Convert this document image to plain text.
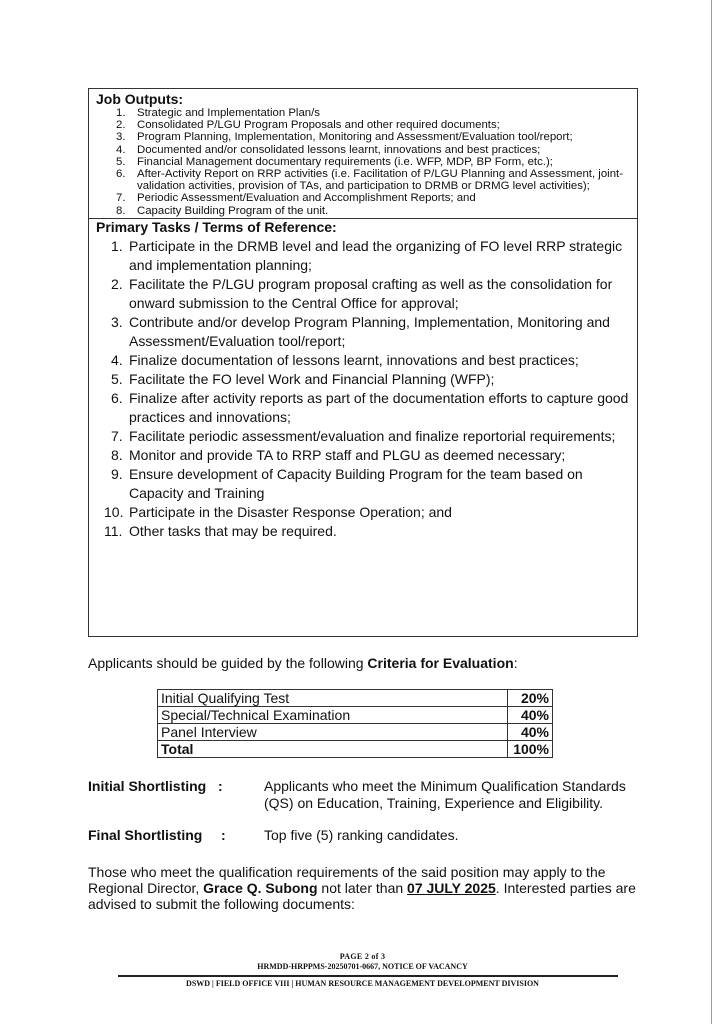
Job Outputs:
1. Strategic and Implementation Plan/s
2. Consolidated P/LGU Program Proposals and other required documents;
3. Program Planning, Implementation, Monitoring and Assessment/Evaluation tool/report;
4. Documented and/or consolidated lessons learnt, innovations and best practices;
5. Financial Management documentary requirements (i.e. WFP, MDP, BP Form, etc.);
6. After-Activity Report on RRP activities (i.e. Facilitation of P/LGU Planning and Assessment, joint-validation activities, provision of TAs, and participation to DRMB or DRMG level activities);
7. Periodic Assessment/Evaluation and Accomplishment Reports; and
8. Capacity Building Program of the unit.
Primary Tasks / Terms of Reference:
1. Participate in the DRMB level and lead the organizing of FO level RRP strategic and implementation planning;
2. Facilitate the P/LGU program proposal crafting as well as the consolidation for onward submission to the Central Office for approval;
3. Contribute and/or develop Program Planning, Implementation, Monitoring and Assessment/Evaluation tool/report;
4. Finalize documentation of lessons learnt, innovations and best practices;
5. Facilitate the FO level Work and Financial Planning (WFP);
6. Finalize after activity reports as part of the documentation efforts to capture good practices and innovations;
7. Facilitate periodic assessment/evaluation and finalize reportorial requirements;
8. Monitor and provide TA to RRP staff and PLGU as deemed necessary;
9. Ensure development of Capacity Building Program for the team based on Capacity and Training
10. Participate in the Disaster Response Operation; and
11. Other tasks that may be required.
Applicants should be guided by the following Criteria for Evaluation:
Initial Qualifying Test	20%
Special/Technical Examination	40%
Panel Interview	40%
Total	100%
Initial Shortlisting :	Applicants who meet the Minimum Qualification Standards (QS) on Education, Training, Experience and Eligibility.
Final Shortlisting :	Top five (5) ranking candidates.
Those who meet the qualification requirements of the said position may apply to the Regional Director, Grace Q. Subong not later than 07 JULY 2025. Interested parties are advised to submit the following documents:
PAGE 2 of 3
HRMDD-HRPPMS-20250701-0667, NOTICE OF VACANCY
DSWD | FIELD OFFICE VIII | HUMAN RESOURCE MANAGEMENT DEVELOPMENT DIVISION
